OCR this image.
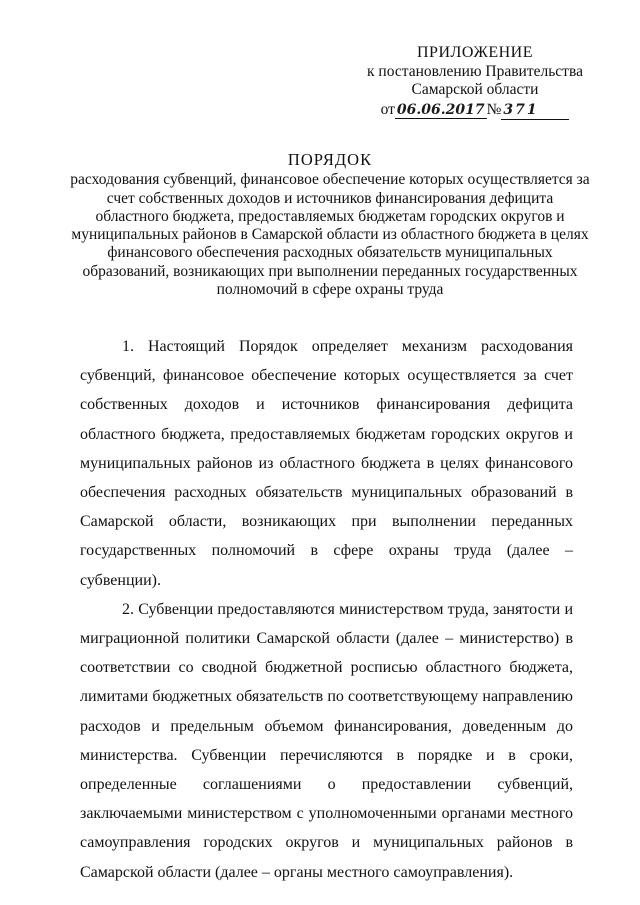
ПРИЛОЖЕНИЕ
к постановлению Правительства
Самарской области
от 06.06.2017 № 371
ПОРЯДОК
расходования субвенций, финансовое обеспечение которых осуществляется за счет собственных доходов и источников финансирования дефицита областного бюджета, предоставляемых бюджетам городских округов и муниципальных районов в Самарской области из областного бюджета в целях финансового обеспечения расходных обязательств муниципальных образований, возникающих при выполнении переданных государственных полномочий в сфере охраны труда

1. Настоящий Порядок определяет механизм расходования субвенций, финансовое обеспечение которых осуществляется за счет собственных доходов и источников финансирования дефицита областного бюджета, предоставляемых бюджетам городских округов и муниципальных районов из областного бюджета в целях финансового обеспечения расходных обязательств муниципальных образований в Самарской области, возникающих при выполнении переданных государственных полномочий в сфере охраны труда (далее – субвенции).

2. Субвенции предоставляются министерством труда, занятости и миграционной политики Самарской области (далее – министерство) в соответствии со сводной бюджетной росписью областного бюджета, лимитами бюджетных обязательств по соответствующему направлению расходов и предельным объемом финансирования, доведенным до министерства. Субвенции перечисляются в порядке и в сроки, определенные соглашениями о предоставлении субвенций, заключаемыми министерством с уполномоченными органами местного самоуправления городских округов и муниципальных районов в Самарской области (далее – органы местного самоуправления).
